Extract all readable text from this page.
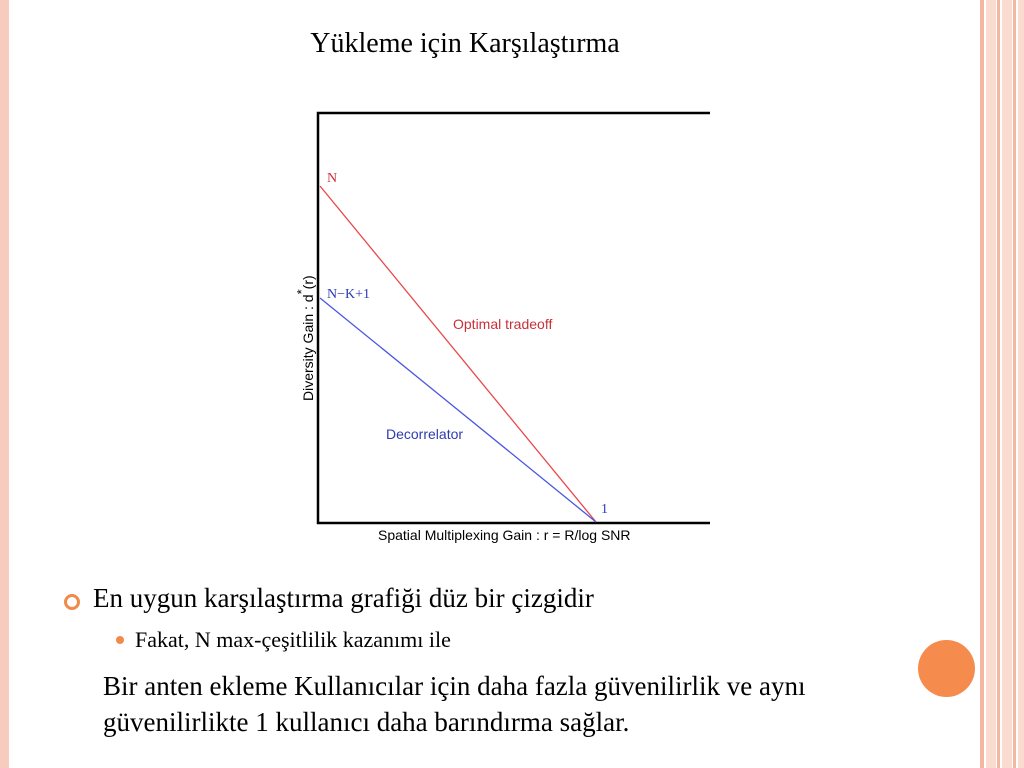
Yükleme için Karşılaştırma
N
N−K+1
1
Optimal tradeoff
Decorrelator
Spatial Multiplexing Gain : r = R/log SNR
Diversity Gain : d*(r)
En uygun karşılaştırma grafiği düz bir çizgidir
Fakat, N max-çeşitlilik kazanımı ile
Bir anten ekleme Kullanıcılar için daha fazla güvenilirlik ve aynı güvenilirlikte 1 kullanıcı daha barındırma sağlar.
